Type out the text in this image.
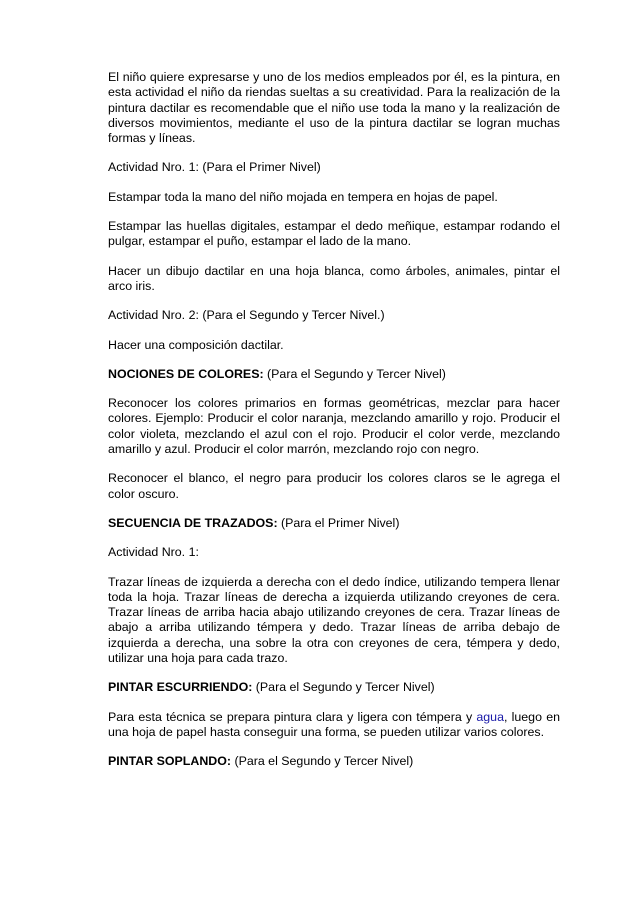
El niño quiere expresarse y uno de los medios empleados por él, es la pintura, en esta actividad el niño da riendas sueltas a su creatividad. Para la realización de la pintura dactilar es recomendable que el niño use toda la mano y la realización de diversos movimientos, mediante el uso de la pintura dactilar se logran muchas formas y líneas.

Actividad Nro. 1: (Para el Primer Nivel)

Estampar toda la mano del niño mojada en tempera en hojas de papel.

Estampar las huellas digitales, estampar el dedo meñique, estampar rodando el pulgar, estampar el puño, estampar el lado de la mano.

Hacer un dibujo dactilar en una hoja blanca, como árboles, animales, pintar el arco iris.

Actividad Nro. 2: (Para el Segundo y Tercer Nivel.)

Hacer una composición dactilar.

NOCIONES DE COLORES: (Para el Segundo y Tercer Nivel)

Reconocer los colores primarios en formas geométricas, mezclar para hacer colores. Ejemplo: Producir el color naranja, mezclando amarillo y rojo. Producir el color violeta, mezclando el azul con el rojo. Producir el color verde, mezclando amarillo y azul. Producir el color marrón, mezclando rojo con negro.

Reconocer el blanco, el negro para producir los colores claros se le agrega el color oscuro.

SECUENCIA DE TRAZADOS: (Para el Primer Nivel)

Actividad Nro. 1:

Trazar líneas de izquierda a derecha con el dedo índice, utilizando tempera llenar toda la hoja. Trazar líneas de derecha a izquierda utilizando creyones de cera. Trazar líneas de arriba hacia abajo utilizando creyones de cera. Trazar líneas de abajo a arriba utilizando témpera y dedo. Trazar líneas de arriba debajo de izquierda a derecha, una sobre la otra con creyones de cera, témpera y dedo, utilizar una hoja para cada trazo.

PINTAR ESCURRIENDO: (Para el Segundo y Tercer Nivel)

Para esta técnica se prepara pintura clara y ligera con témpera y agua, luego en una hoja de papel hasta conseguir una forma, se pueden utilizar varios colores.

PINTAR SOPLANDO: (Para el Segundo y Tercer Nivel)
